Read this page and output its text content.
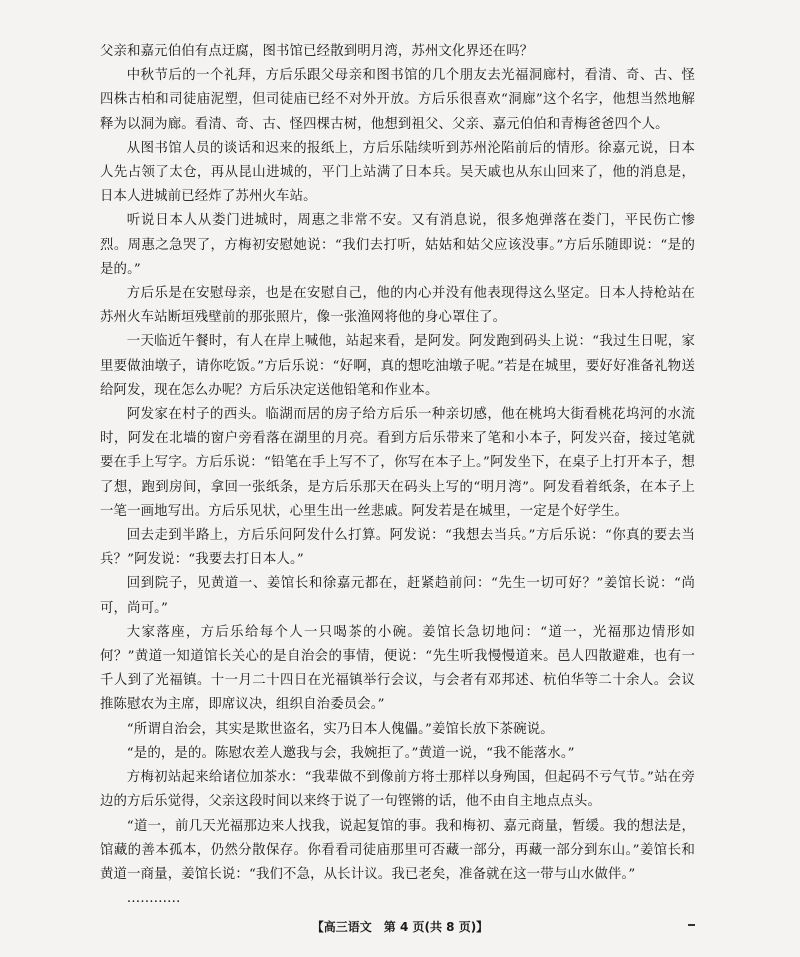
父亲和嘉元伯伯有点迂腐，图书馆已经散到明月湾，苏州文化界还在吗？

中秋节后的一个礼拜，方后乐跟父母亲和图书馆的几个朋友去光福洞廊村，看清、奇、古、怪四株古柏和司徒庙泥塑，但司徒庙已经不对外开放。方后乐很喜欢“洞廊”这个名字，他想当然地解释为以洞为廊。看清、奇、古、怪四棵古树，他想到祖父、父亲、嘉元伯伯和青梅爸爸四个人。

从图书馆人员的谈话和迟来的报纸上，方后乐陆续听到苏州沦陷前后的情形。徐嘉元说，日本人先占领了太仓，再从昆山进城的，平门上站满了日本兵。吴天戚也从东山回来了，他的消息是，日本人进城前已经炸了苏州火车站。

听说日本人从娄门进城时，周惠之非常不安。又有消息说，很多炮弹落在娄门，平民伤亡惨烈。周惠之急哭了，方梅初安慰她说：“我们去打听，姑姑和姑父应该没事。”方后乐随即说：“是的是的。”

方后乐是在安慰母亲，也是在安慰自己，他的内心并没有他表现得这么坚定。日本人持枪站在苏州火车站断垣残壁前的那张照片，像一张渔网将他的身心罩住了。

一天临近午餐时，有人在岸上喊他，站起来看，是阿发。阿发跑到码头上说：“我过生日呢，家里要做油墩子，请你吃饭。”方后乐说：“好啊，真的想吃油墩子呢。”若是在城里，要好好准备礼物送给阿发，现在怎么办呢？方后乐决定送他铅笔和作业本。

阿发家在村子的西头。临湖而居的房子给方后乐一种亲切感，他在桃坞大街看桃花坞河的水流时，阿发在北墙的窗户旁看落在湖里的月亮。看到方后乐带来了笔和小本子，阿发兴奋，接过笔就要在手上写字。方后乐说：“铅笔在手上写不了，你写在本子上。”阿发坐下，在桌子上打开本子，想了想，跑到房间，拿回一张纸条，是方后乐那天在码头上写的“明月湾”。阿发看着纸条，在本子上一笔一画地写出。方后乐见状，心里生出一丝悲戚。阿发若是在城里，一定是个好学生。

回去走到半路上，方后乐问阿发什么打算。阿发说：“我想去当兵。”方后乐说：“你真的要去当兵？”阿发说：“我要去打日本人。”

回到院子，见黄道一、姜馆长和徐嘉元都在，赶紧趋前问：“先生一切可好？”姜馆长说：“尚可，尚可。”

大家落座，方后乐给每个人一只喝茶的小碗。姜馆长急切地问：“道一，光福那边情形如何？”黄道一知道馆长关心的是自治会的事情，便说：“先生听我慢慢道来。邑人四散避难，也有一千人到了光福镇。十一月二十四日在光福镇举行会议，与会者有邓邦述、杭伯华等二十余人。会议推陈慰农为主席，即席议决，组织自治委员会。”

“所谓自治会，其实是欺世盗名，实乃日本人傀儡。”姜馆长放下茶碗说。

“是的，是的。陈慰农差人邀我与会，我婉拒了。”黄道一说，“我不能落水。”

方梅初站起来给诸位加茶水：“我辈做不到像前方将士那样以身殉国，但起码不亏气节。”站在旁边的方后乐觉得，父亲这段时间以来终于说了一句铿锵的话，他不由自主地点点头。

“道一，前几天光福那边来人找我，说起复馆的事。我和梅初、嘉元商量，暂缓。我的想法是，馆藏的善本孤本，仍然分散保存。你看看司徒庙那里可否藏一部分，再藏一部分到东山。”姜馆长和黄道一商量，姜馆长说：“我们不急，从长计议。我已老矣，准备就在这一带与山水做伴。”

…………

【高三语文　第 4 页(共 8 页)】
